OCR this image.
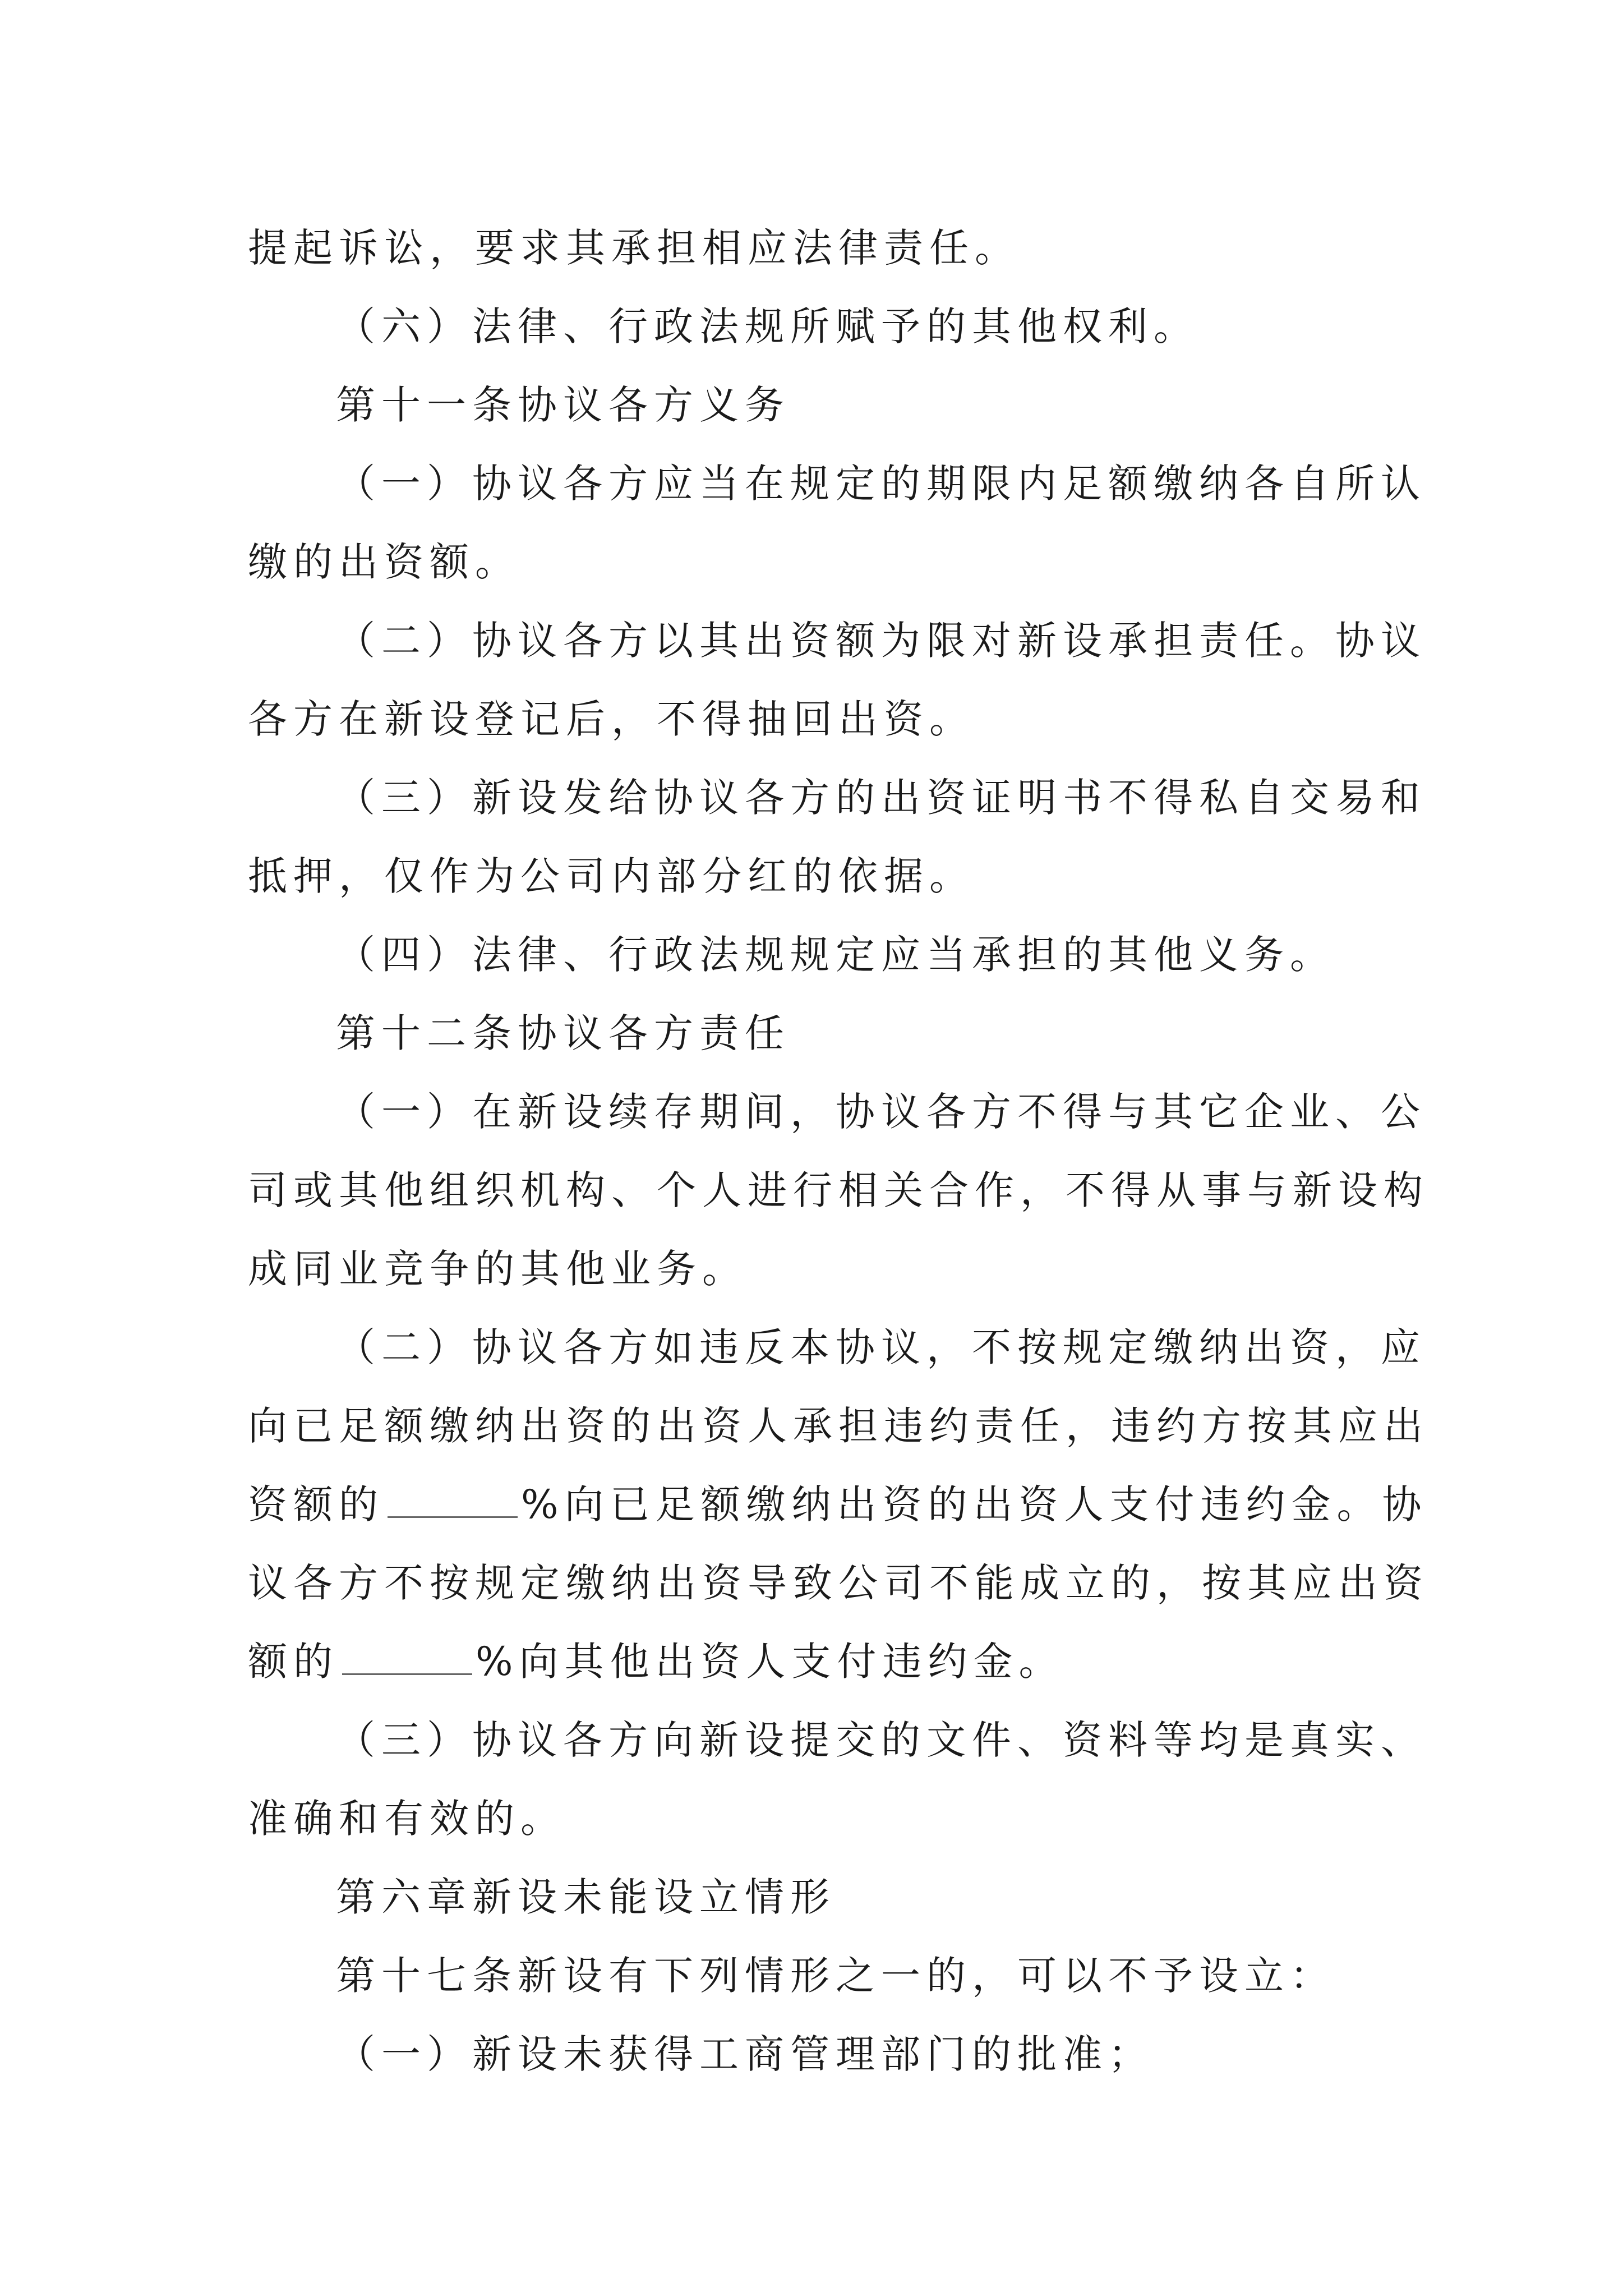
提起诉讼，要求其承担相应法律责任。

（六）法律、行政法规所赋予的其他权利。

第十一条协议各方义务

（一）协议各方应当在规定的期限内足额缴纳各自所认

缴的出资额。

（二）协议各方以其出资额为限对新设承担责任。协议

各方在新设登记后，不得抽回出资。

（三）新设发给协议各方的出资证明书不得私自交易和

抵押，仅作为公司内部分红的依据。

（四）法律、行政法规规定应当承担的其他义务。

第十二条协议各方责任

（一）在新设续存期间，协议各方不得与其它企业、公

司或其他组织机构、个人进行相关合作，不得从事与新设构

成同业竞争的其他业务。

（二）协议各方如违反本协议，不按规定缴纳出资，应

向已足额缴纳出资的出资人承担违约责任，违约方按其应出

资额的	%向已足额缴纳出资的出资人支付违约金。协

议各方不按规定缴纳出资导致公司不能成立的，按其应出资

额的	%向其他出资人支付违约金。

（三）协议各方向新设提交的文件、资料等均是真实、

准确和有效的。

第六章新设未能设立情形

第十七条新设有下列情形之一的，可以不予设立：

（一）新设未获得工商管理部门的批准；
